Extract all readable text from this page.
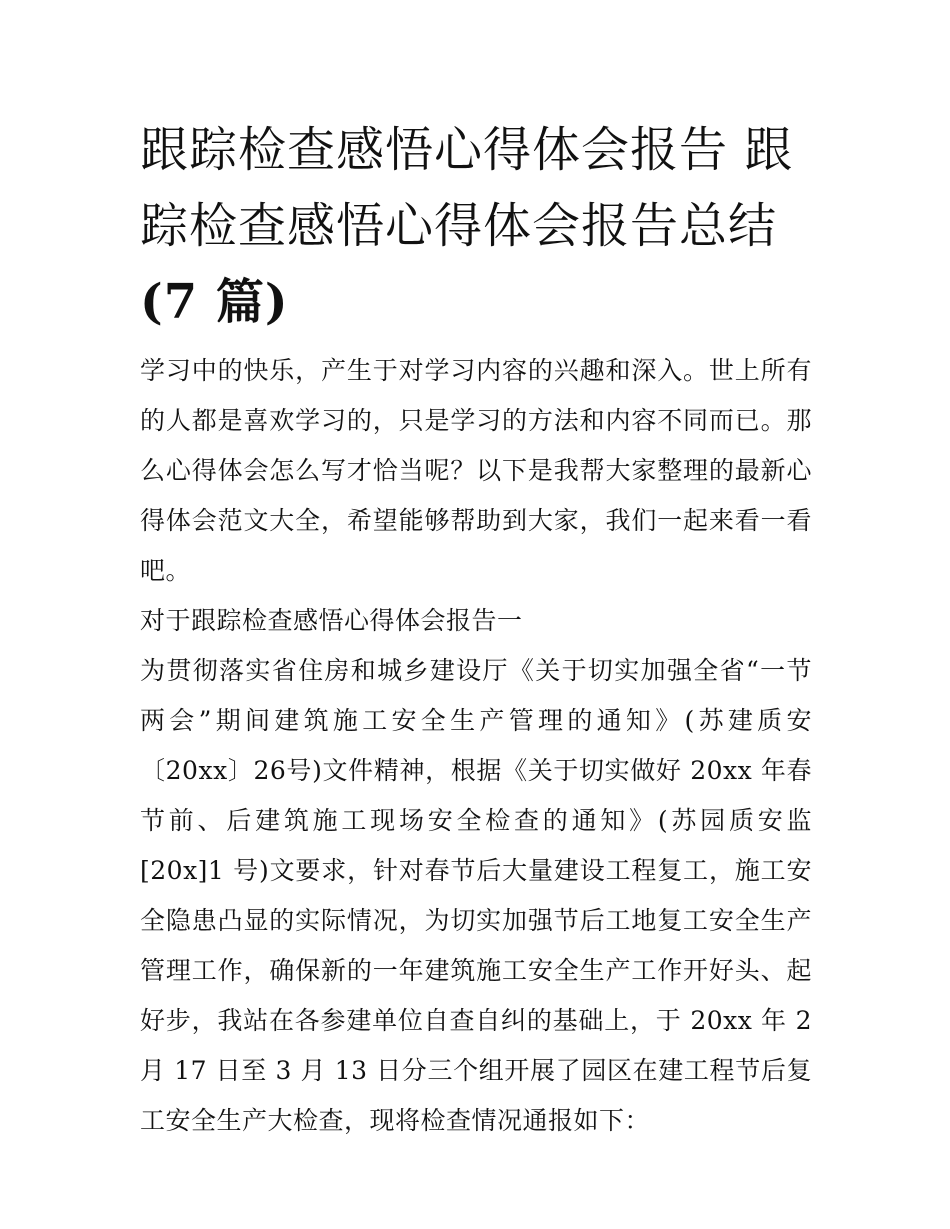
跟踪检查感悟心得体会报告 跟
踪检查感悟心得体会报告总结
(7 篇)

学习中的快乐，产生于对学习内容的兴趣和深入。世上所有的人都是喜欢学习的，只是学习的方法和内容不同而已。那么心得体会怎么写才恰当呢？以下是我帮大家整理的最新心得体会范文大全，希望能够帮助到大家，我们一起来看一看吧。

对于跟踪检查感悟心得体会报告一

为贯彻落实省住房和城乡建设厅《关于切实加强全省“一节两会”期间建筑施工安全生产管理的通知》(苏建质安〔20xx〕26号)文件精神，根据《关于切实做好 20xx 年春节前、后建筑施工现场安全检查的通知》(苏园质安监[20x]1 号)文要求，针对春节后大量建设工程复工，施工安全隐患凸显的实际情况，为切实加强节后工地复工安全生产管理工作，确保新的一年建筑施工安全生产工作开好头、起好步，我站在各参建单位自查自纠的基础上，于 20xx 年 2 月 17 日至 3 月 13 日分三个组开展了园区在建工程节后复工安全生产大检查，现将检查情况通报如下：
